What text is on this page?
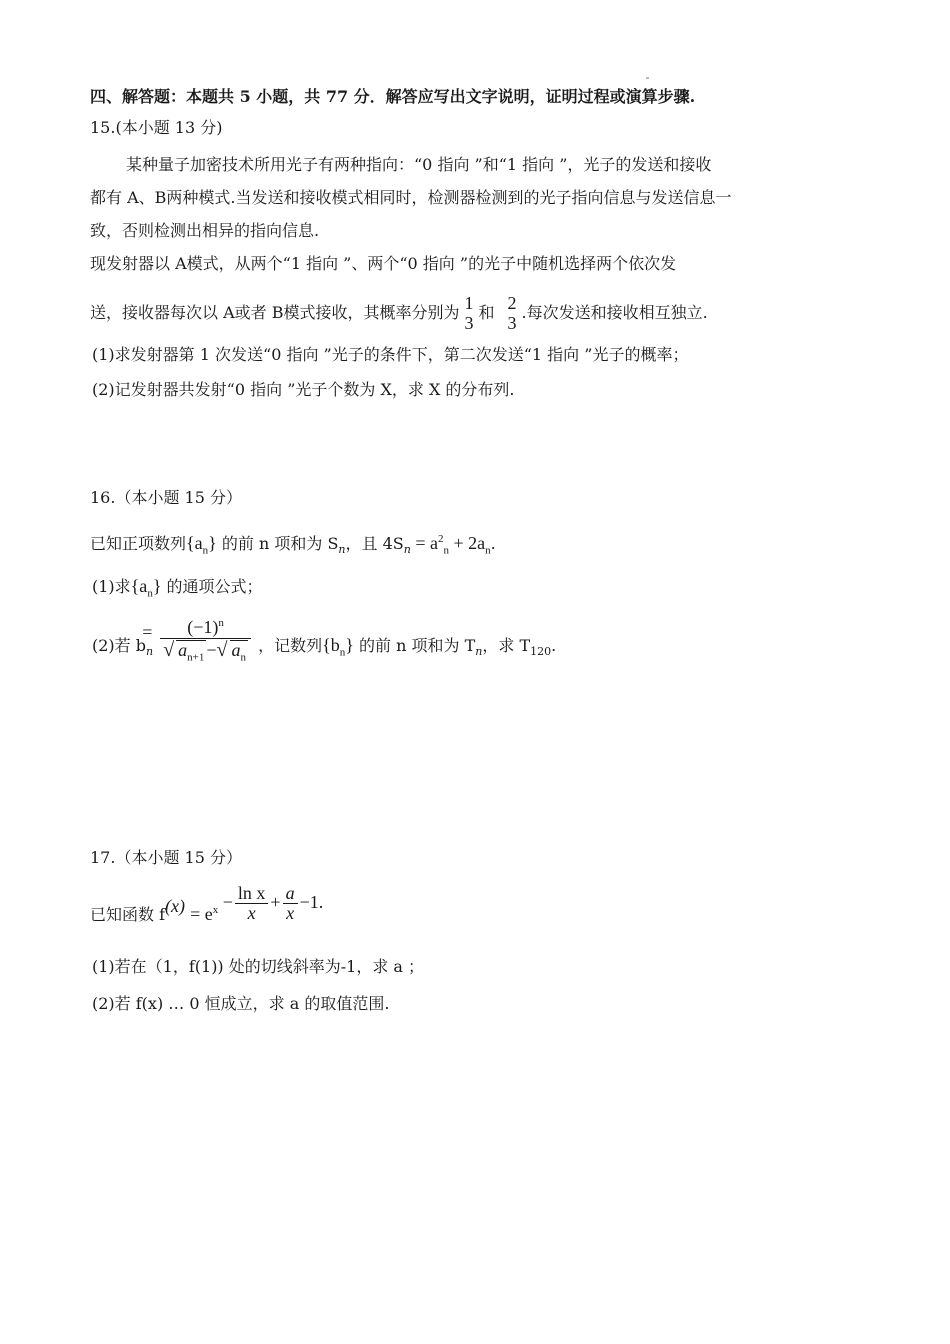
四、解答题：本题共 5 小题，共 77 分．解答应写出文字说明，证明过程或演算步骤.
15.(本小题 13 分)
某种量子加密技术所用光子有两种指向：“0 指向 ”和“1 指向 ”，光子的发送和接收
都有 A、B两种模式.当发送和接收模式相同时，检测器检测到的光子指向信息与发送信息一
致，否则检测出相异的指向信息.
现发射器以 A模式，从两个“1 指向 ”、两个“0 指向 ”的光子中随机选择两个依次发
送，接收器每次以 A或者 B模式接收，其概率分别为 1
3 和 2
3 .每次发送和接收相互独立.
(1)求发射器第 1 次发送“0 指向 ”光子的条件下，第二次发送“1 指向 ”光子的概率；
(2)记发射器共发射“0 指向 ”光子个数为 X，求 X 的分布列.
16.（本小题 15 分）
已知正项数列$\{a_n\}$ 的前 n 项和为 $S_n$，且 $4S_n = a^2_n + 2a_n$.
(1)求$\{a_n\}$ 的通项公式；
(2)若 $b_n \frac{= (-1)^n}{√ a_{n+1} -√ a_n}$ ，记数列$\{b_n\}$ 的前 n 项和为 $T_n$，求 $T_{120}$.
17.（本小题 15 分）
已知函数 $f(x) = e^x - \frac{\text{ln x}}{x} + \frac{a}{x} -1$.
(1)若在（1，f(1)) 处的切线斜率为-1，求 a ；
(2)若 f(x) … 0 恒成立，求 a 的取值范围.
